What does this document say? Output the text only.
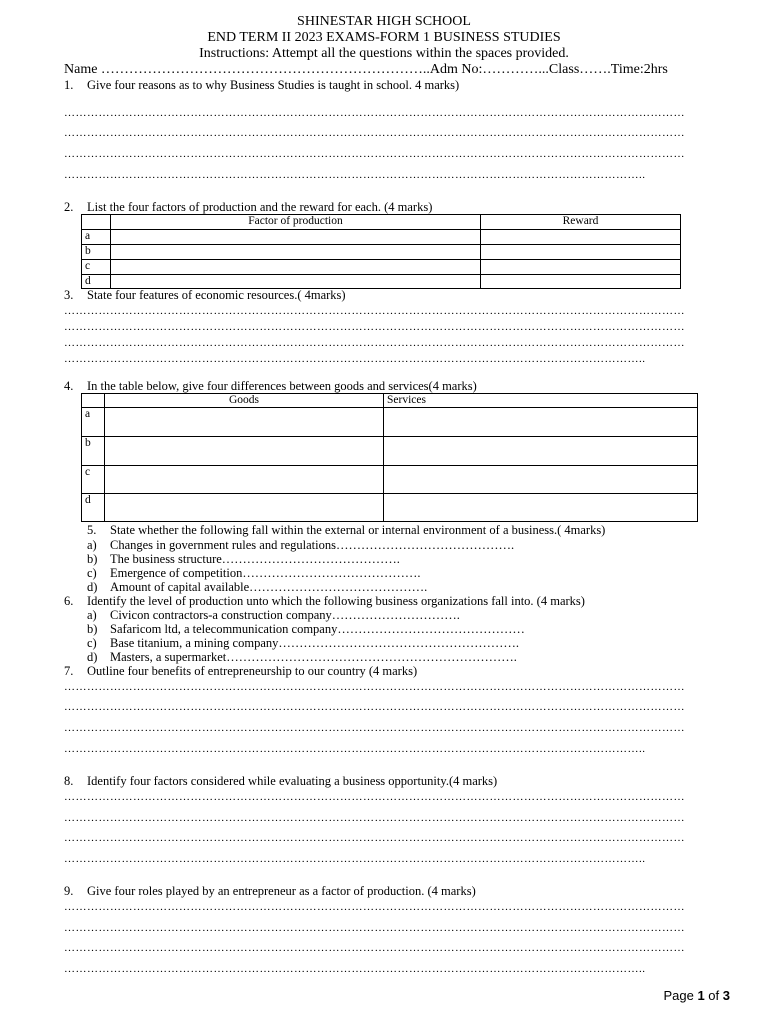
SHINESTAR HIGH SCHOOL
END TERM II 2023 EXAMS-FORM 1 BUSINESS STUDIES
Instructions: Attempt all the questions within the spaces provided.
Name ……………………………………………………………..Adm No:…………...Class…….Time:2hrs
1. Give four reasons as to why Business Studies is taught in school. 4 marks)
………………………………………………………………………………………………………………………………………………
………………………………………………………………………………………………………………………………………………
………………………………………………………………………………………………………………………………………………
……………………………………………………………………………………………………………………………………..
2. List the four factors of production and the reward for each. (4 marks)
	Factor of production	Reward
a		
b		
c		
d		
3. State four features of economic resources.( 4marks)
………………………………………………………………………………………………………………………………………………
………………………………………………………………………………………………………………………………………………
………………………………………………………………………………………………………………………………………………
……………………………………………………………………………………………………………………………………..
4. In the table below, give four differences between goods and services(4 marks)
	Goods	Services
a		
b		
c		
d		
5. State whether the following fall within the external or internal environment of a business.( 4marks)
a) Changes in government rules and regulations…………………………………….
b) The business structure…………………………………….
c) Emergence of competition…………………………………….
d) Amount of capital available…………………………………….
6. Identify the level of production unto which the following business organizations fall into. (4 marks)
a) Civicon contractors-a construction company………………………….
b) Safaricom ltd, a telecommunication company………………………………………
c) Base titanium, a mining company………………………………………………….
d) Masters, a supermarket…………………………………………………………….
7. Outline four benefits of entrepreneurship to our country (4 marks)
………………………………………………………………………………………………………………………………………………
………………………………………………………………………………………………………………………………………………
………………………………………………………………………………………………………………………………………………
……………………………………………………………………………………………………………………………………..
8. Identify four factors considered while evaluating a business opportunity.(4 marks)
………………………………………………………………………………………………………………………………………………
………………………………………………………………………………………………………………………………………………
………………………………………………………………………………………………………………………………………………
……………………………………………………………………………………………………………………………………..
9. Give four roles played by an entrepreneur as a factor of production. (4 marks)
………………………………………………………………………………………………………………………………………………
………………………………………………………………………………………………………………………………………………
………………………………………………………………………………………………………………………………………………
……………………………………………………………………………………………………………………………………..
Page 1 of 3
